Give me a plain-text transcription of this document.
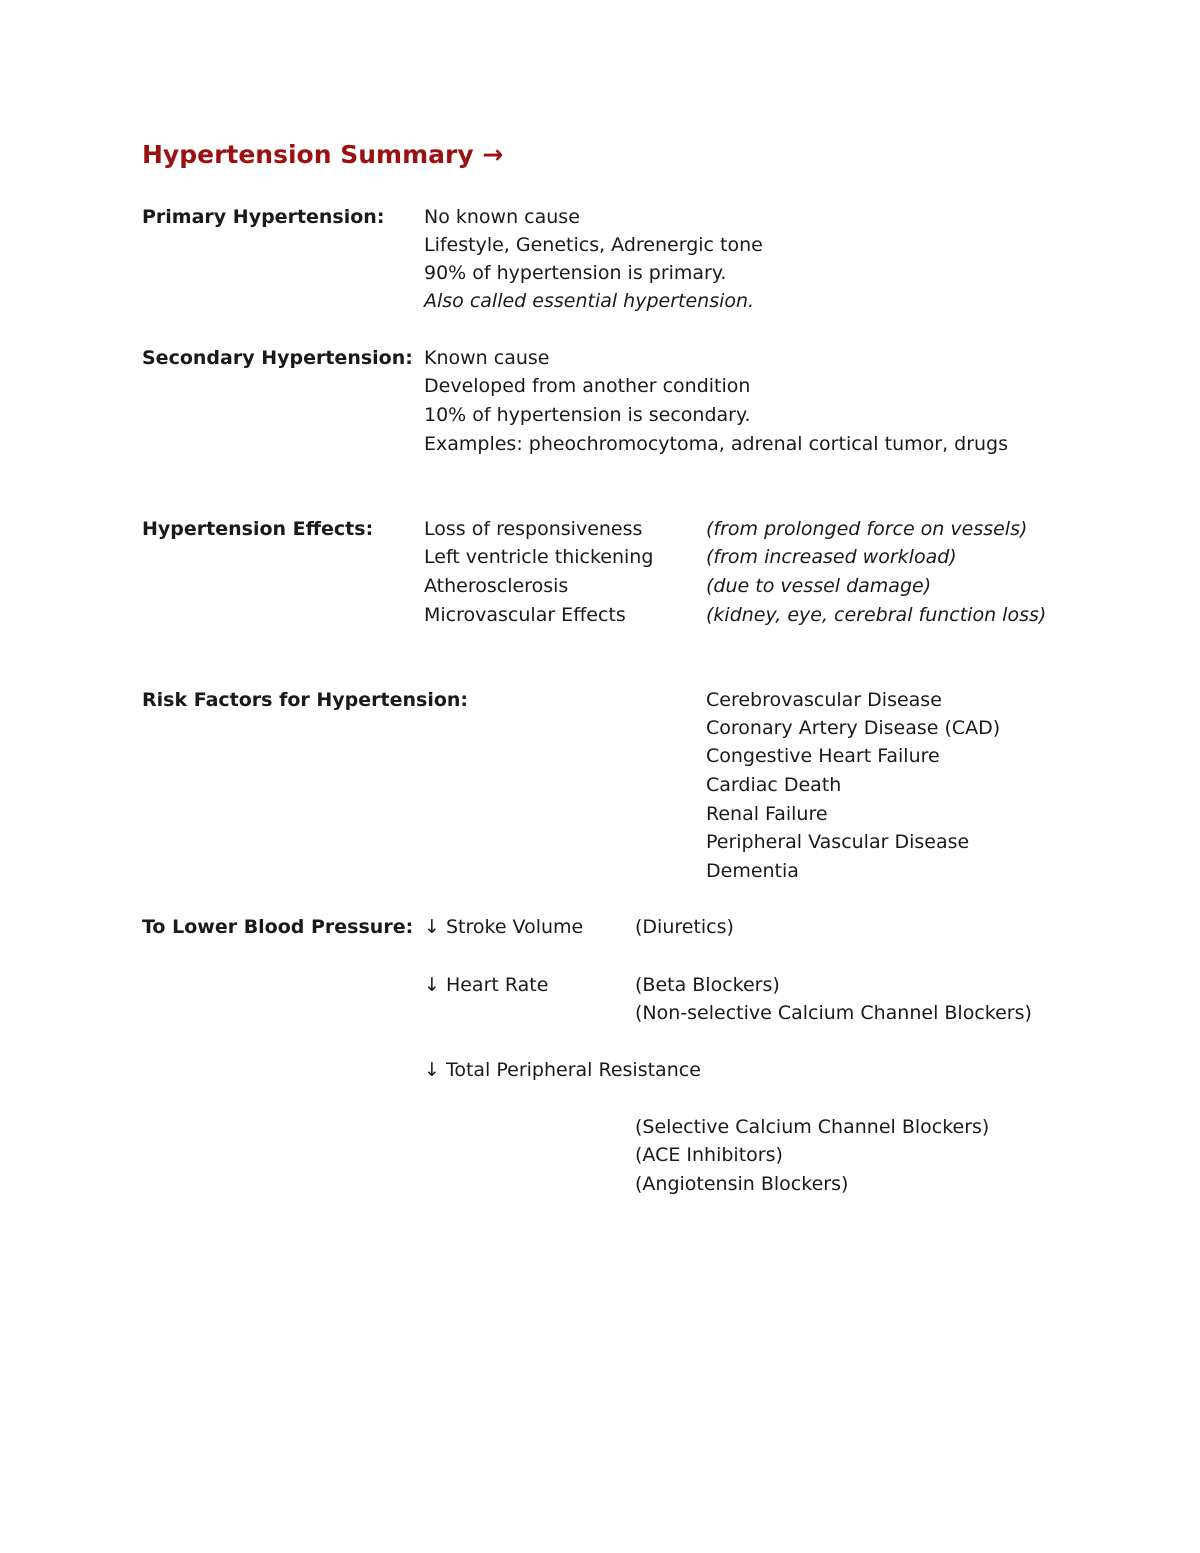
Hypertension Summary →
Primary Hypertension: No known cause
Lifestyle, Genetics, Adrenergic tone
90% of hypertension is primary.
Also called essential hypertension.
Secondary Hypertension: Known cause
Developed from another condition
10% of hypertension is secondary.
Examples: pheochromocytoma, adrenal cortical tumor, drugs
Hypertension Effects:	Loss of responsiveness	(from prolonged force on vessels)
Left ventricle thickening	(from increased workload)
Atherosclerosis	(due to vessel damage)
Microvascular Effects	(kidney, eye, cerebral function loss)
Risk Factors for Hypertension:	Cerebrovascular Disease
Coronary Artery Disease (CAD)
Congestive Heart Failure
Cardiac Death
Renal Failure
Peripheral Vascular Disease
Dementia
To Lower Blood Pressure: ↓ Stroke Volume	(Diuretics)
↓ Heart Rate	(Beta Blockers)
(Non-selective Calcium Channel Blockers)
↓ Total Peripheral Resistance
(Selective Calcium Channel Blockers)
(ACE Inhibitors)
(Angiotensin Blockers)
